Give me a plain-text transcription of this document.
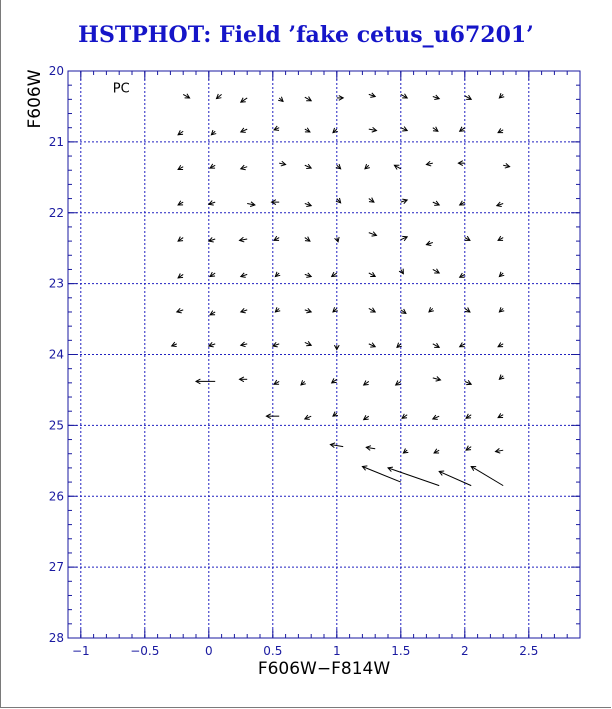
HSTPHOT: Field ’fake cetus_u67201’
−1	−0.5	0	0.5	1	1.5	2	2.5
20
21
22
23
24
25
26
27
28
PC
F606W−F814W
F606W
